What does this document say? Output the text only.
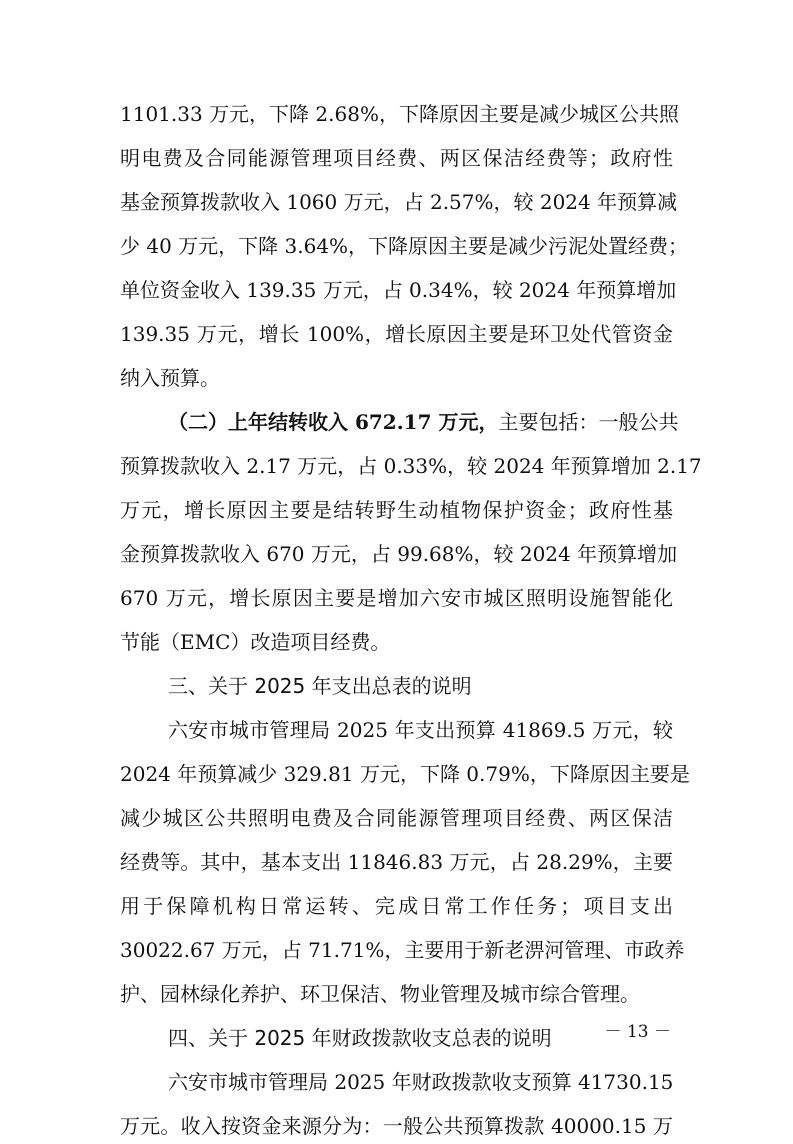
1101.33 万元，下降 2.68%，下降原因主要是减少城区公共照
明电费及合同能源管理项目经费、两区保洁经费等；政府性
基金预算拨款收入 1060 万元，占 2.57%，较 2024 年预算减
少 40 万元，下降 3.64%，下降原因主要是减少污泥处置经费；
单位资金收入 139.35 万元，占 0.34%，较 2024 年预算增加
139.35 万元，增长 100%，增长原因主要是环卫处代管资金
纳入预算。
（二）上年结转收入 672.17 万元，主要包括：一般公共
预算拨款收入 2.17 万元，占 0.33%，较 2024 年预算增加 2.17
万元，增长原因主要是结转野生动植物保护资金；政府性基
金预算拨款收入 670 万元，占 99.68%，较 2024 年预算增加
670 万元，增长原因主要是增加六安市城区照明设施智能化
节能（EMC）改造项目经费。
三、关于 2025 年支出总表的说明
六安市城市管理局 2025 年支出预算 41869.5 万元，较
2024 年预算减少 329.81 万元，下降 0.79%，下降原因主要是
减少城区公共照明电费及合同能源管理项目经费、两区保洁
经费等。其中，基本支出 11846.83 万元，占 28.29%，主要
用于保障机构日常运转、完成日常工作任务；项目支出
30022.67 万元，占 71.71%，主要用于新老淠河管理、市政养
护、园林绿化养护、环卫保洁、物业管理及城市综合管理。
四、关于 2025 年财政拨款收支总表的说明
六安市城市管理局 2025 年财政拨款收支预算 41730.15
万元。收入按资金来源分为：一般公共预算拨款 40000.15 万
－ 13 －
